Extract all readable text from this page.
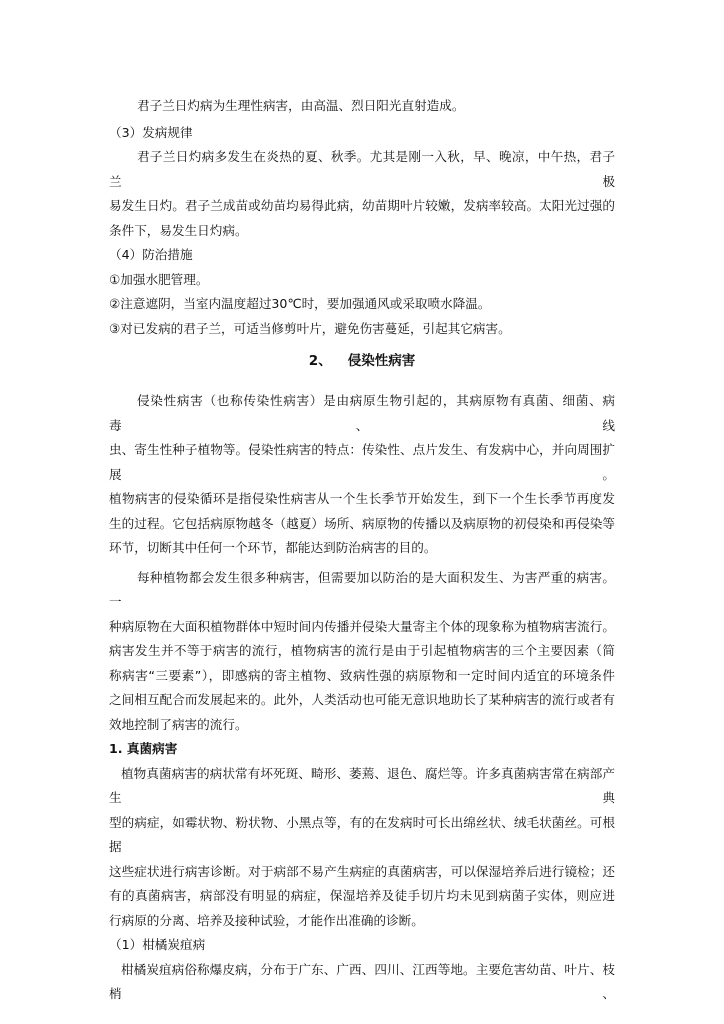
君子兰日灼病为生理性病害，由高温、烈日阳光直射造成。

（3）发病规律

君子兰日灼病多发生在炎热的夏、秋季。尤其是刚一入秋，早、晚凉，中午热，君子兰极

易发生日灼。君子兰成苗或幼苗均易得此病，幼苗期叶片较嫩，发病率较高。太阳光过强的

条件下，易发生日灼病。

（4）防治措施

①加强水肥管理。

②注意遮阴，当室内温度超过30℃时，要加强通风或采取喷水降温。

③对已发病的君子兰，可适当修剪叶片，避免伤害蔓延，引起其它病害。

2、 侵染性病害

侵染性病害（也称传染性病害）是由病原生物引起的，其病原物有真菌、细菌、病毒、线

虫、寄生性种子植物等。侵染性病害的特点：传染性、点片发生、有发病中心，并向周围扩展。

植物病害的侵染循环是指侵染性病害从一个生长季节开始发生，到下一个生长季节再度发

生的过程。它包括病原物越冬（越夏）场所、病原物的传播以及病原物的初侵染和再侵染等

环节，切断其中任何一个环节，都能达到防治病害的目的。

每种植物都会发生很多种病害，但需要加以防治的是大面积发生、为害严重的病害。一

种病原物在大面积植物群体中短时间内传播并侵染大量寄主个体的现象称为植物病害流行。

病害发生并不等于病害的流行，植物病害的流行是由于引起植物病害的三个主要因素（简

称病害“三要素”），即感病的寄主植物、致病性强的病原物和一定时间内适宜的环境条件

之间相互配合而发展起来的。此外，人类活动也可能无意识地助长了某种病害的流行或者有

效地控制了病害的流行。

1. 真菌病害

植物真菌病害的病状常有坏死斑、畸形、萎蔫、退色、腐烂等。许多真菌病害常在病部产生典

型的病症，如霉状物、粉状物、小黑点等，有的在发病时可长出绵丝状、绒毛状菌丝。可根据

这些症状进行病害诊断。对于病部不易产生病症的真菌病害，可以保湿培养后进行镜检；还

有的真菌病害，病部没有明显的病症，保湿培养及徒手切片均未见到病菌子实体，则应进

行病原的分离、培养及接种试验，才能作出准确的诊断。

（1）柑橘炭疽病

柑橘炭疽病俗称爆皮病，分布于广东、广西、四川、江西等地。主要危害幼苗、叶片、枝梢、
